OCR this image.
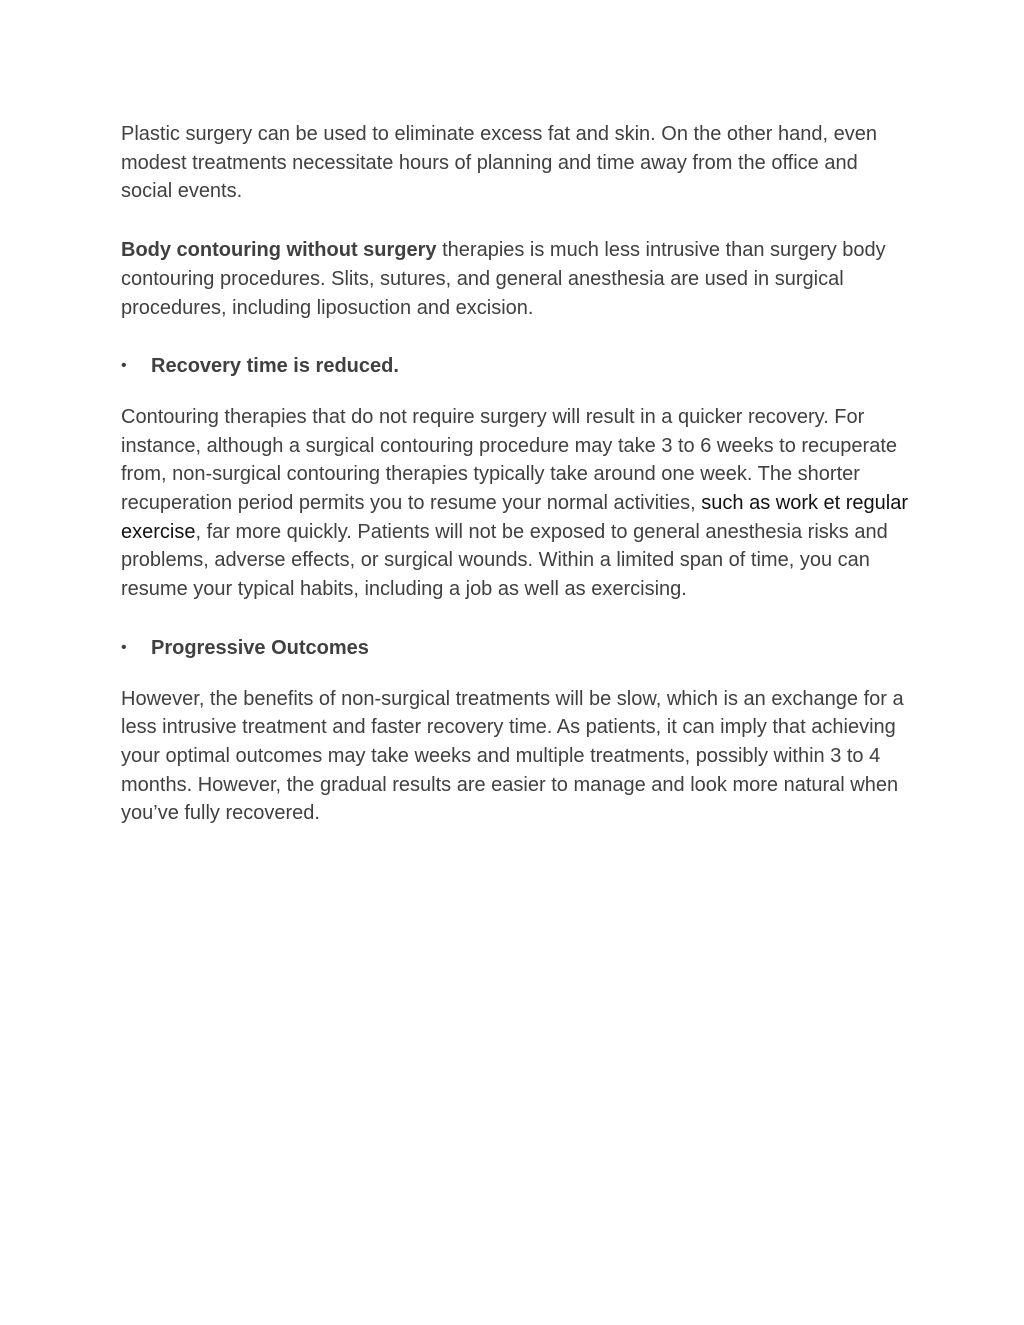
Plastic surgery can be used to eliminate excess fat and skin. On the other hand, even modest treatments necessitate hours of planning and time away from the office and social events.

Body contouring without surgery therapies is much less intrusive than surgery body contouring procedures. Slits, sutures, and general anesthesia are used in surgical procedures, including liposuction and excision.

• Recovery time is reduced.

Contouring therapies that do not require surgery will result in a quicker recovery. For instance, although a surgical contouring procedure may take 3 to 6 weeks to recuperate from, non-surgical contouring therapies typically take around one week. The shorter recuperation period permits you to resume your normal activities, such as work et regular exercise, far more quickly. Patients will not be exposed to general anesthesia risks and problems, adverse effects, or surgical wounds. Within a limited span of time, you can resume your typical habits, including a job as well as exercising.

• Progressive Outcomes

However, the benefits of non-surgical treatments will be slow, which is an exchange for a less intrusive treatment and faster recovery time. As patients, it can imply that achieving your optimal outcomes may take weeks and multiple treatments, possibly within 3 to 4 months. However, the gradual results are easier to manage and look more natural when you’ve fully recovered.
